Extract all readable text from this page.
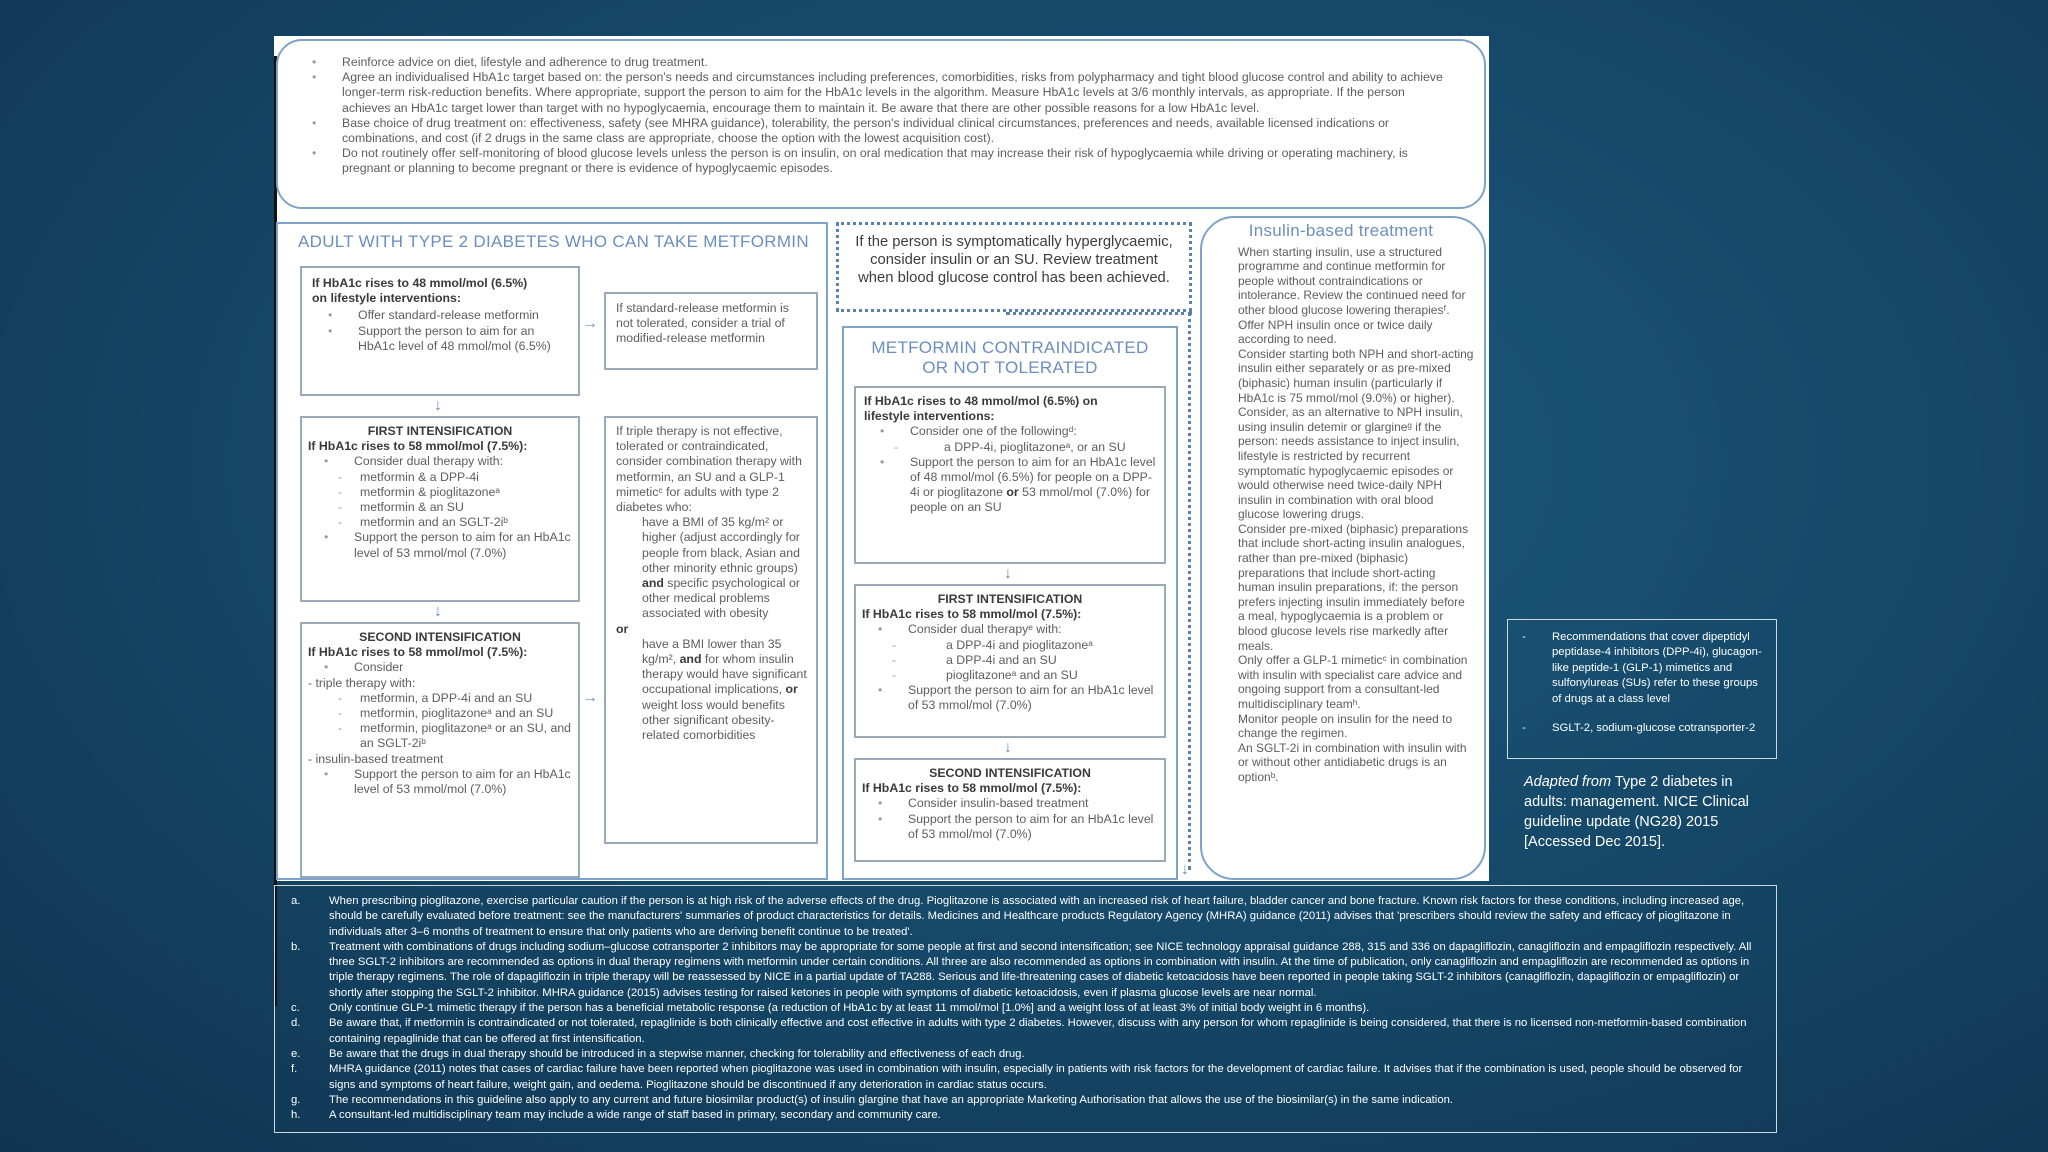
• Reinforce advice on diet, lifestyle and adherence to drug treatment.
• Agree an individualised HbA1c target based on: the person's needs and circumstances including preferences, comorbidities, risks from polypharmacy and tight blood glucose control and ability to achieve longer-term risk-reduction benefits. Where appropriate, support the person to aim for the HbA1c levels in the algorithm. Measure HbA1c levels at 3/6 monthly intervals, as appropriate. If the person achieves an HbA1c target lower than target with no hypoglycaemia, encourage them to maintain it. Be aware that there are other possible reasons for a low HbA1c level.
• Base choice of drug treatment on: effectiveness, safety (see MHRA guidance), tolerability, the person's individual clinical circumstances, preferences and needs, available licensed indications or combinations, and cost (if 2 drugs in the same class are appropriate, choose the option with the lowest acquisition cost).
• Do not routinely offer self-monitoring of blood glucose levels unless the person is on insulin, on oral medication that may increase their risk of hypoglycaemia while driving or operating machinery, is pregnant or planning to become pregnant or there is evidence of hypoglycaemic episodes.
ADULT WITH TYPE 2 DIABETES WHO CAN TAKE METFORMIN
If HbA1c rises to 48 mmol/mol (6.5%)
on lifestyle interventions:
• Offer standard-release metformin
• Support the person to aim for an HbA1c level of 48 mmol/mol (6.5%)
→
If standard-release metformin is not tolerated, consider a trial of modified-release metformin
↓
FIRST INTENSIFICATION
If HbA1c rises to 58 mmol/mol (7.5%):
• Consider dual therapy with:
- metformin & a DPP-4i
- metformin & pioglitazoneᵃ
- metformin & an SU
- metformin and an SGLT-2iᵇ
• Support the person to aim for an HbA1c level of 53 mmol/mol (7.0%)
↓
SECOND INTENSIFICATION
If HbA1c rises to 58 mmol/mol (7.5%):
• Consider
- triple therapy with:
- metformin, a DPP-4i and an SU
- metformin, pioglitazoneᵃ and an SU
- metformin, pioglitazoneᵃ or an SU, and an SGLT-2iᵇ
- insulin-based treatment
• Support the person to aim for an HbA1c level of 53 mmol/mol (7.0%)
→
If triple therapy is not effective, tolerated or contraindicated, consider combination therapy with metformin, an SU and a GLP-1 mimeticᶜ for adults with type 2 diabetes who:
- have a BMI of 35 kg/m² or higher (adjust accordingly for people from black, Asian and other minority ethnic groups) and specific psychological or other medical problems associated with obesity
or
- have a BMI lower than 35 kg/m², and for whom insulin therapy would have significant occupational implications, or weight loss would benefits other significant obesity-related comorbidities
If the person is symptomatically hyperglycaemic, consider insulin or an SU. Review treatment when blood glucose control has been achieved.
↓
METFORMIN CONTRAINDICATED OR NOT TOLERATED
If HbA1c rises to 48 mmol/mol (6.5%) on
lifestyle interventions:
• Consider one of the followingᵈ:
- a DPP-4i, pioglitazoneᵃ, or an SU
• Support the person to aim for an HbA1c level of 48 mmol/mol (6.5%) for people on a DPP-4i or pioglitazone or 53 mmol/mol (7.0%) for people on an SU
↓
FIRST INTENSIFICATION
If HbA1c rises to 58 mmol/mol (7.5%):
• Consider dual therapyᵉ with:
- a DPP-4i and pioglitazoneᵃ
- a DPP-4i and an SU
- pioglitazoneᵃ and an SU
• Support the person to aim for an HbA1c level of 53 mmol/mol (7.0%)
↓
SECOND INTENSIFICATION
If HbA1c rises to 58 mmol/mol (7.5%):
• Consider insulin-based treatment
• Support the person to aim for an HbA1c level of 53 mmol/mol (7.0%)
Insulin-based treatment
- When starting insulin, use a structured programme and continue metformin for people without contraindications or intolerance. Review the continued need for other blood glucose lowering therapiesᶠ.
- Offer NPH insulin once or twice daily according to need.
- Consider starting both NPH and short-acting insulin either separately or as pre-mixed (biphasic) human insulin (particularly if HbA1c is 75 mmol/mol (9.0%) or higher).
- Consider, as an alternative to NPH insulin, using insulin detemir or glargineᵍ if the person: needs assistance to inject insulin, lifestyle is restricted by recurrent symptomatic hypoglycaemic episodes or would otherwise need twice-daily NPH insulin in combination with oral blood glucose lowering drugs.
- Consider pre-mixed (biphasic) preparations that include short-acting insulin analogues, rather than pre-mixed (biphasic) preparations that include short-acting human insulin preparations, if: the person prefers injecting insulin immediately before a meal, hypoglycaemia is a problem or blood glucose levels rise markedly after meals.
- Only offer a GLP-1 mimeticᶜ in combination with insulin with specialist care advice and ongoing support from a consultant-led multidisciplinary teamʰ.
- Monitor people on insulin for the need to change the regimen.
- An SGLT-2i in combination with insulin with or without other antidiabetic drugs is an optionᵇ.
-	Recommendations that cover dipeptidyl peptidase-4 inhibitors (DPP-4i), glucagon-like peptide-1 (GLP-1) mimetics and sulfonylureas (SUs) refer to these groups of drugs at a class level
-	SGLT-2, sodium-glucose cotransporter-2
Adapted from Type 2 diabetes in adults: management. NICE Clinical guideline update (NG28) 2015 [Accessed Dec 2015].
a.	When prescribing pioglitazone, exercise particular caution if the person is at high risk of the adverse effects of the drug. Pioglitazone is associated with an increased risk of heart failure, bladder cancer and bone fracture. Known risk factors for these conditions, including increased age, should be carefully evaluated before treatment: see the manufacturers' summaries of product characteristics for details. Medicines and Healthcare products Regulatory Agency (MHRA) guidance (2011) advises that 'prescribers should review the safety and efficacy of pioglitazone in individuals after 3–6 months of treatment to ensure that only patients who are deriving benefit continue to be treated'.
b.	Treatment with combinations of drugs including sodium–glucose cotransporter 2 inhibitors may be appropriate for some people at first and second intensification; see NICE technology appraisal guidance 288, 315 and 336 on dapagliflozin, canagliflozin and empagliflozin respectively. All three SGLT-2 inhibitors are recommended as options in dual therapy regimens with metformin under certain conditions. All three are also recommended as options in combination with insulin. At the time of publication, only canagliflozin and empagliflozin are recommended as options in triple therapy regimens. The role of dapagliflozin in triple therapy will be reassessed by NICE in a partial update of TA288. Serious and life-threatening cases of diabetic ketoacidosis have been reported in people taking SGLT-2 inhibitors (canagliflozin, dapagliflozin or empagliflozin) or shortly after stopping the SGLT-2 inhibitor. MHRA guidance (2015) advises testing for raised ketones in people with symptoms of diabetic ketoacidosis, even if plasma glucose levels are near normal.
c.	Only continue GLP-1 mimetic therapy if the person has a beneficial metabolic response (a reduction of HbA1c by at least 11 mmol/mol [1.0%] and a weight loss of at least 3% of initial body weight in 6 months).
d.	Be aware that, if metformin is contraindicated or not tolerated, repaglinide is both clinically effective and cost effective in adults with type 2 diabetes. However, discuss with any person for whom repaglinide is being considered, that there is no licensed non-metformin-based combination containing repaglinide that can be offered at first intensification.
e.	Be aware that the drugs in dual therapy should be introduced in a stepwise manner, checking for tolerability and effectiveness of each drug.
f.	MHRA guidance (2011) notes that cases of cardiac failure have been reported when pioglitazone was used in combination with insulin, especially in patients with risk factors for the development of cardiac failure. It advises that if the combination is used, people should be observed for signs and symptoms of heart failure, weight gain, and oedema. Pioglitazone should be discontinued if any deterioration in cardiac status occurs.
g.	The recommendations in this guideline also apply to any current and future biosimilar product(s) of insulin glargine that have an appropriate Marketing Authorisation that allows the use of the biosimilar(s) in the same indication.
h.	A consultant-led multidisciplinary team may include a wide range of staff based in primary, secondary and community care.
